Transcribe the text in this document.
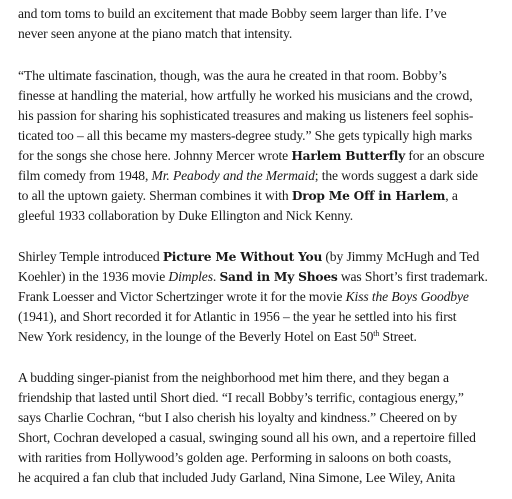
and tom toms to build an excitement that made Bobby seem larger than life. I’ve
never seen anyone at the piano match that intensity.
“The ultimate fascination, though, was the aura he created in that room. Bobby’s
finesse at handling the material, how artfully he worked his musicians and the crowd,
his passion for sharing his sophisticated treasures and making us listeners feel sophis-
ticated too – all this became my masters-degree study.” She gets typically high marks
for the songs she chose here. Johnny Mercer wrote Harlem Butterfly for an obscure
film comedy from 1948, Mr. Peabody and the Mermaid; the words suggest a dark side
to all the uptown gaiety. Sherman combines it with Drop Me Off in Harlem, a
gleeful 1933 collaboration by Duke Ellington and Nick Kenny.
Shirley Temple introduced Picture Me Without You (by Jimmy McHugh and Ted
Koehler) in the 1936 movie Dimples. Sand in My Shoes was Short’s first trademark.
Frank Loesser and Victor Schertzinger wrote it for the movie Kiss the Boys Goodbye
(1941), and Short recorded it for Atlantic in 1956 – the year he settled into his first
New York residency, in the lounge of the Beverly Hotel on East 50th Street.
A budding singer-pianist from the neighborhood met him there, and they began a
friendship that lasted until Short died. “I recall Bobby’s terrific, contagious energy,”
says Charlie Cochran, “but I also cherish his loyalty and kindness.” Cheered on by
Short, Cochran developed a casual, swinging sound all his own, and a repertoire filled
with rarities from Hollywood’s golden age. Performing in saloons on both coasts,
he acquired a fan club that included Judy Garland, Nina Simone, Lee Wiley, Anita
